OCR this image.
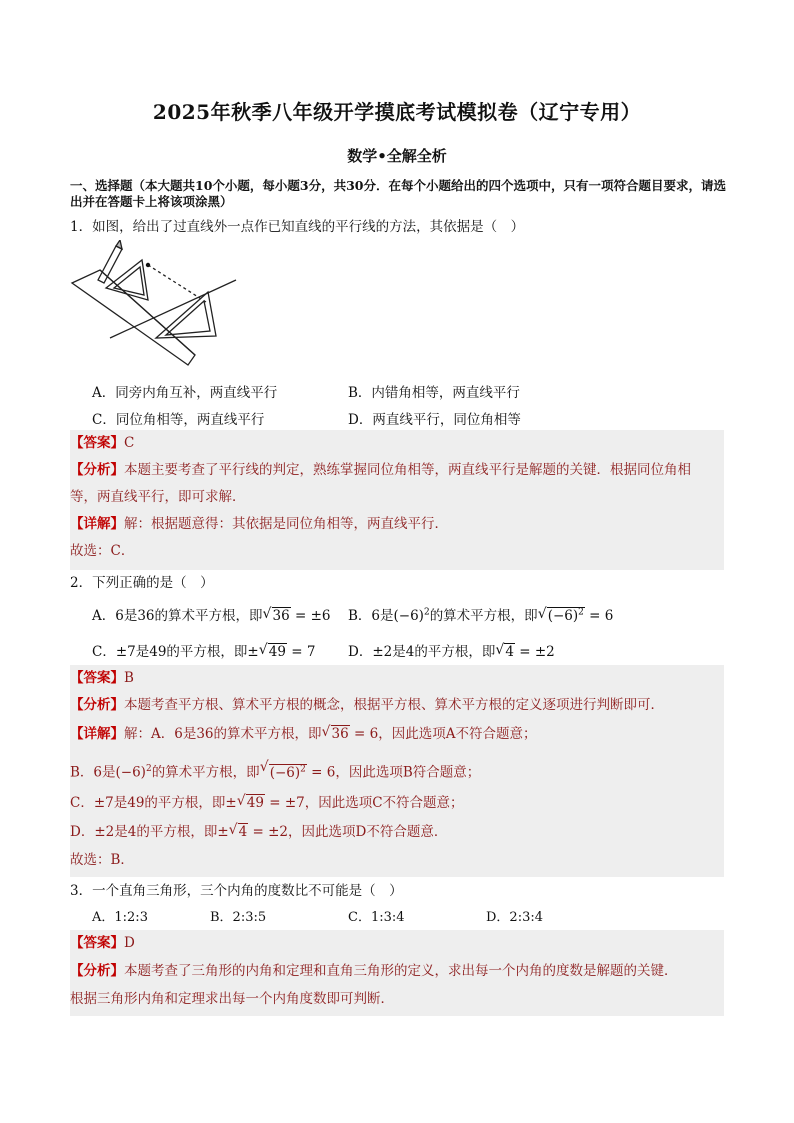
2025年秋季八年级开学摸底考试模拟卷（辽宁专用）
数学•全解全析
一、选择题（本大题共10个小题，每小题3分，共30分．在每个小题给出的四个选项中，只有一项符合题目要求，请选出并在答题卡上将该项涂黑）
1．如图，给出了过直线外一点作已知直线的平行线的方法，其依据是（　）
A．同旁内角互补，两直线平行	B．内错角相等，两直线平行
C．同位角相等，两直线平行	D．两直线平行，同位角相等
【答案】C
【分析】本题主要考查了平行线的判定，熟练掌握同位角相等，两直线平行是解题的关键．根据同位角相
等，两直线平行，即可求解．
【详解】解：根据题意得：其依据是同位角相等，两直线平行．
故选：C．
2．下列正确的是（　）
A．6是36的算术平方根，即 √ 36 = ±6 B．6是$(-6)^2$的算术平方根，即 √ $(-6)^2 = 6$
C．±7是49的平方根，即± √ 49 = 7 D．±2是4的平方根，即 √ 4 = ±2
【答案】B
【分析】本题考查平方根、算术平方根的概念，根据平方根、算术平方根的定义逐项进行判断即可．
【详解】解：A．6是36的算术平方根，即 √ 36 = 6，因此选项A不符合题意；
B．6是$(-6)^2$的算术平方根，即 √ $(-6)^2 = 6$，因此选项B符合题意；
C．±7是49的平方根，即± √ 49 = ±7，因此选项C不符合题意；
D．±2是4的平方根，即± √ 4 = ±2，因此选项D不符合题意．
故选：B．
3．一个直角三角形，三个内角的度数比不可能是（　）
A．1:2:3	B．2:3:5	C．1:3:4	D．2:3:4
【答案】D
【分析】本题考查了三角形的内角和定理和直角三角形的定义，求出每一个内角的度数是解题的关键．
根据三角形内角和定理求出每一个内角度数即可判断．
